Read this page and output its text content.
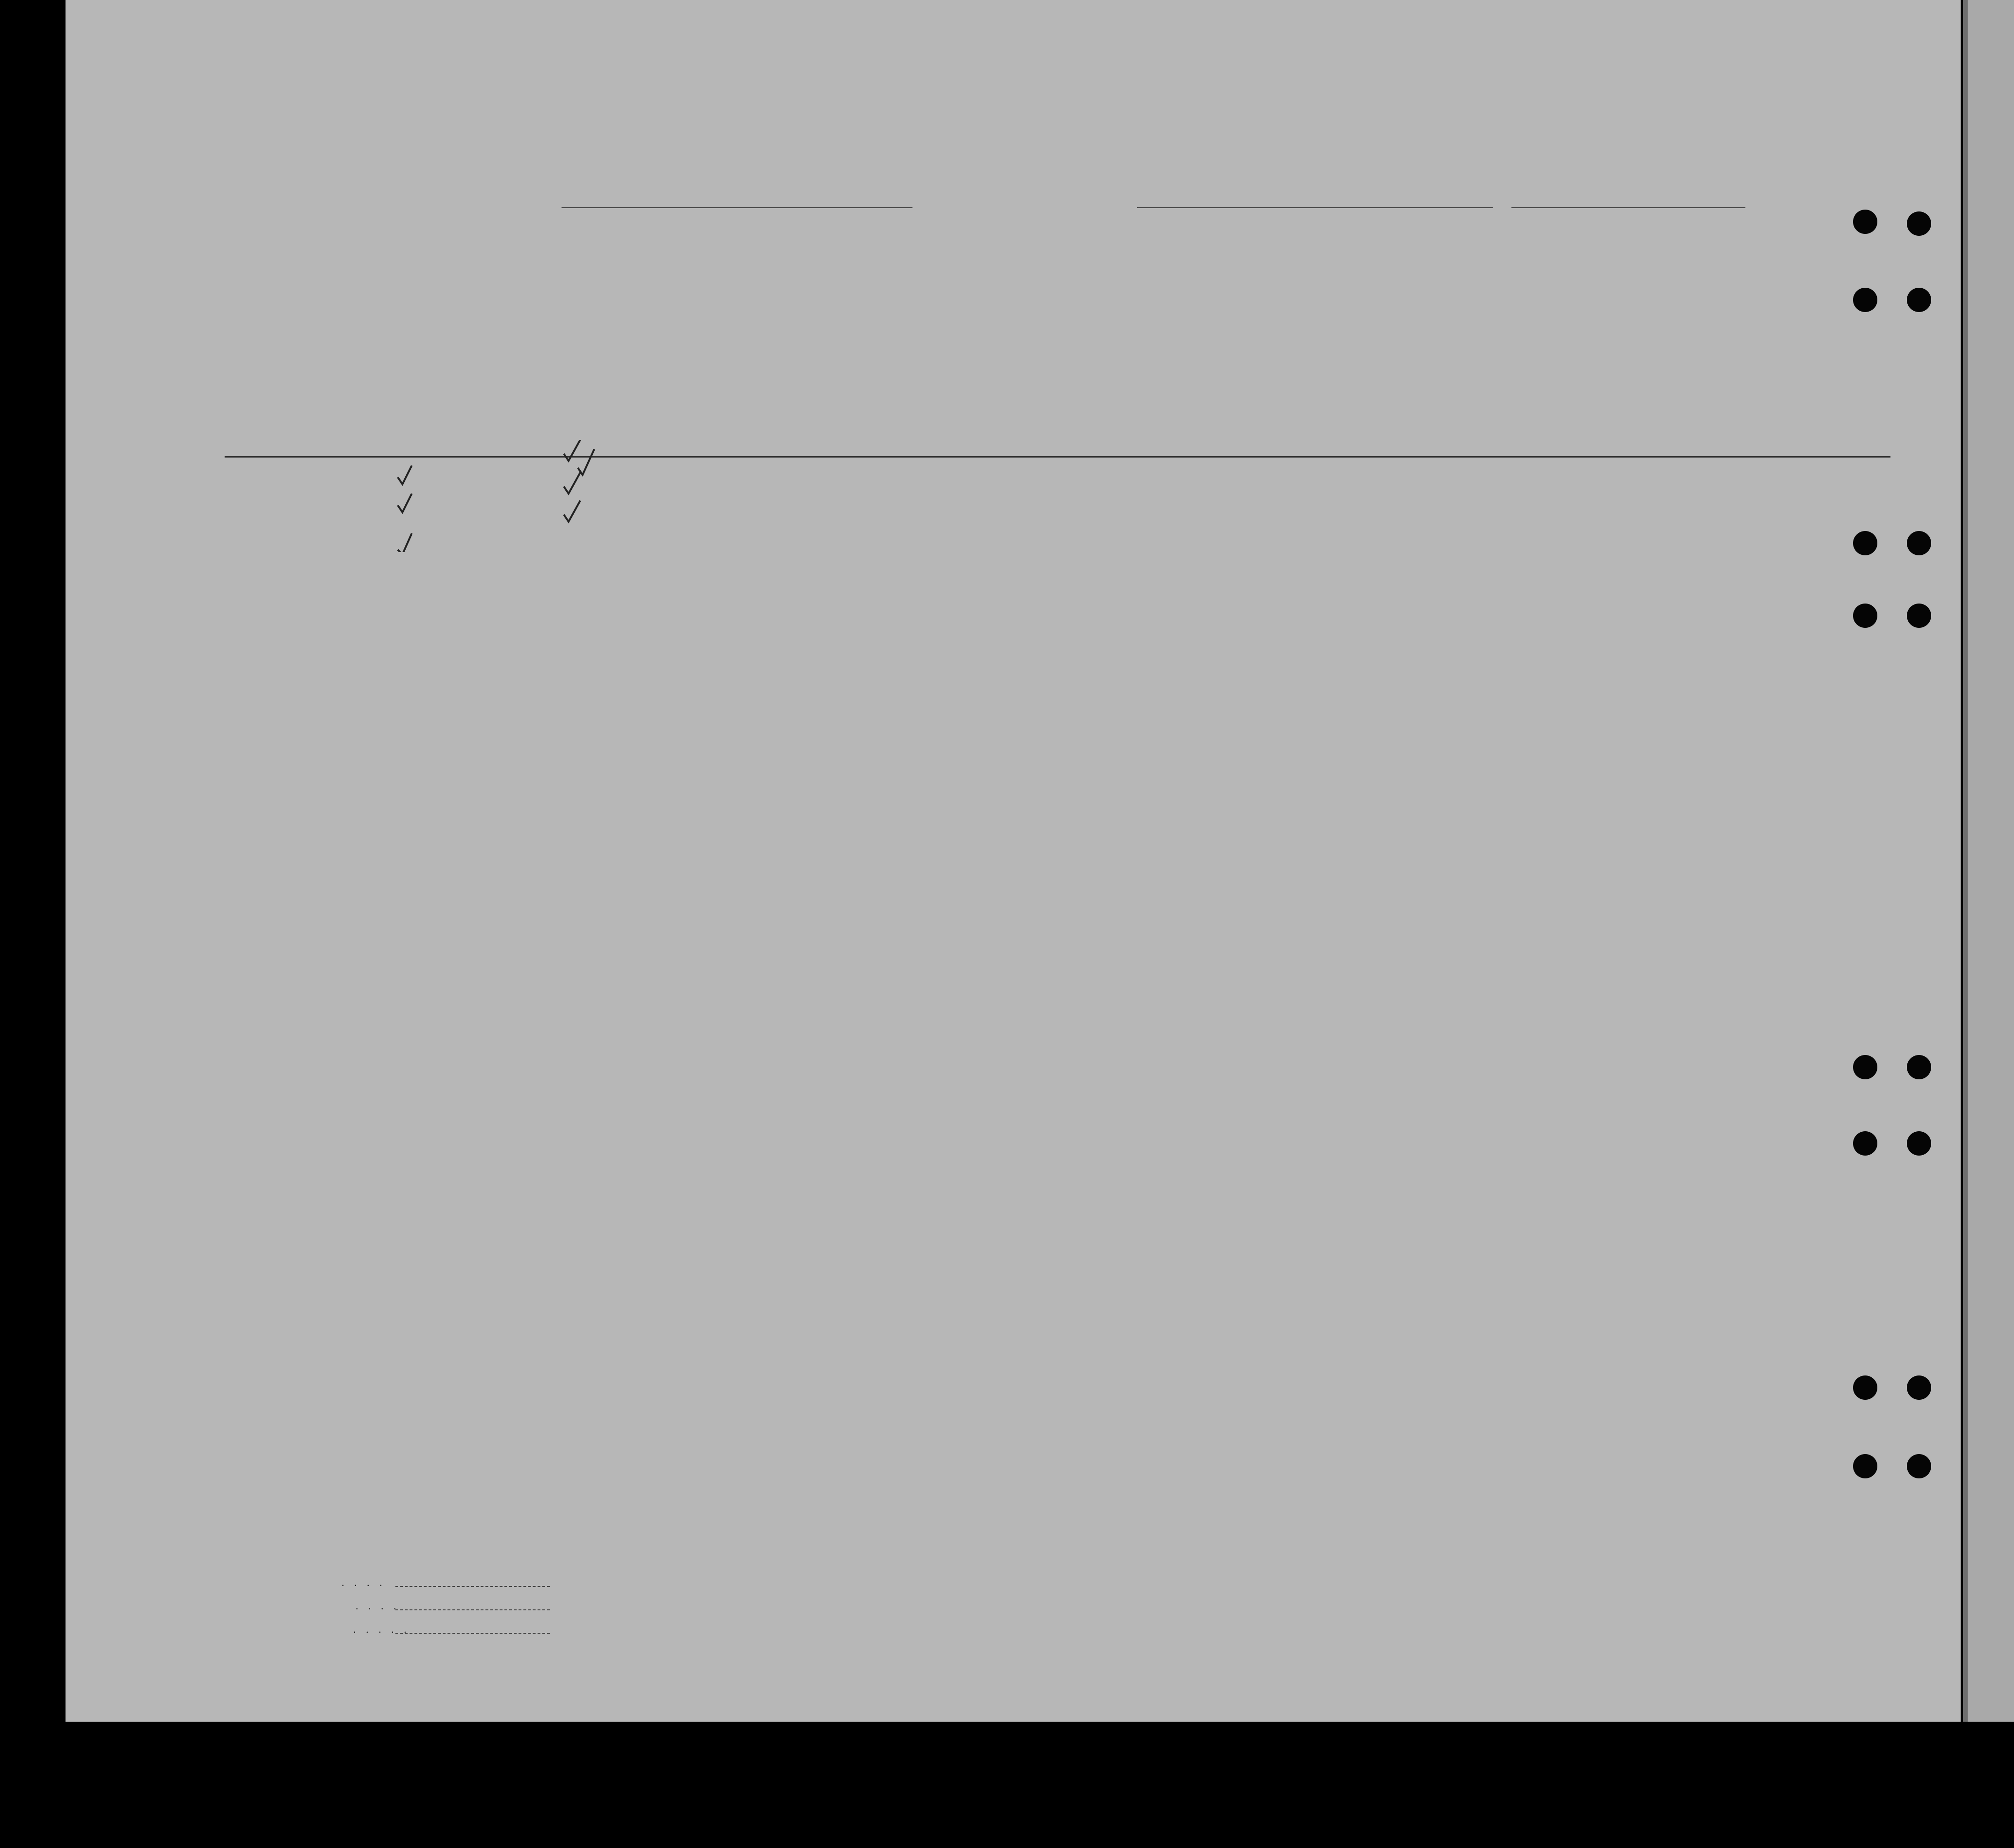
. . . .
. . . .
. . . . .
